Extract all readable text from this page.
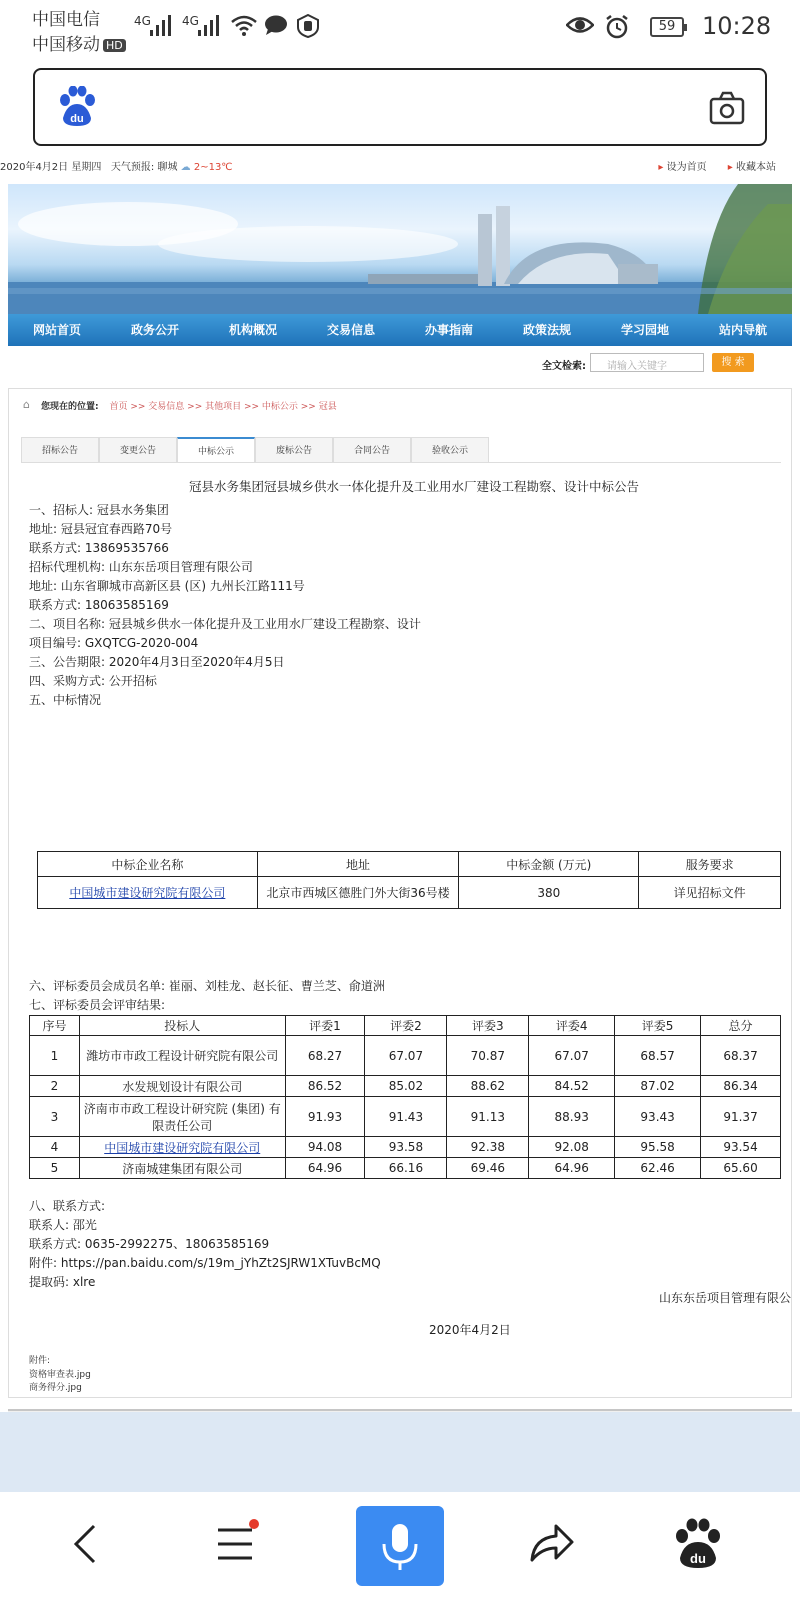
中国电信
中国移动 HD
4G	4G	59	10:28
du
2020年4月2日 星期四 天气预报: 聊城 ☁ 2~13℃	▸ 设为首页	▸ 收藏本站
网站首页	政务公开	机构概况	交易信息	办事指南	政策法规	学习园地	站内导航
全文检索:	请输入关键字	搜 索
⌂ 您现在的位置: 首页 >> 交易信息 >> 其他项目 >> 中标公示 >> 冠县
招标公告	变更公告	中标公示	废标公告	合同公告	验收公示
冠县水务集团冠县城乡供水一体化提升及工业用水厂建设工程勘察、设计中标公告
一、招标人: 冠县水务集团
地址: 冠县冠宜春西路70号
联系方式: 13869535766
招标代理机构: 山东东岳项目管理有限公司
地址: 山东省聊城市高新区县 (区) 九州长江路111号
联系方式: 18063585169
二、项目名称: 冠县城乡供水一体化提升及工业用水厂建设工程勘察、设计
项目编号: GXQTCG-2020-004
三、公告期限: 2020年4月3日至2020年4月5日
四、采购方式: 公开招标
五、中标情况
中标企业名称	地址	中标金额 (万元)	服务要求
中国城市建设研究院有限公司	北京市西城区德胜门外大街36号楼	380	详见招标文件
六、评标委员会成员名单: 崔丽、刘桂龙、赵长征、曹兰芝、俞道洲
七、评标委员会评审结果:
序号	投标人	评委1	评委2	评委3	评委4	评委5	总分
1	潍坊市市政工程设计研究院有限公司	68.27	67.07	70.87	67.07	68.57	68.37
2	水发规划设计有限公司	86.52	85.02	88.62	84.52	87.02	86.34
3	济南市市政工程设计研究院 (集团) 有限责任公司	91.93	91.43	91.13	88.93	93.43	91.37
4	中国城市建设研究院有限公司	94.08	93.58	92.38	92.08	95.58	93.54
5	济南城建集团有限公司	64.96	66.16	69.46	64.96	62.46	65.60
八、联系方式:
联系人: 邵光
联系方式: 0635-2992275、18063585169
附件: https://pan.baidu.com/s/19m_jYhZt2SJRW1XTuvBcMQ
提取码: xlre
山东东岳项目管理有限公
2020年4月2日
附件:
资格审查表.jpg
商务得分.jpg
du
